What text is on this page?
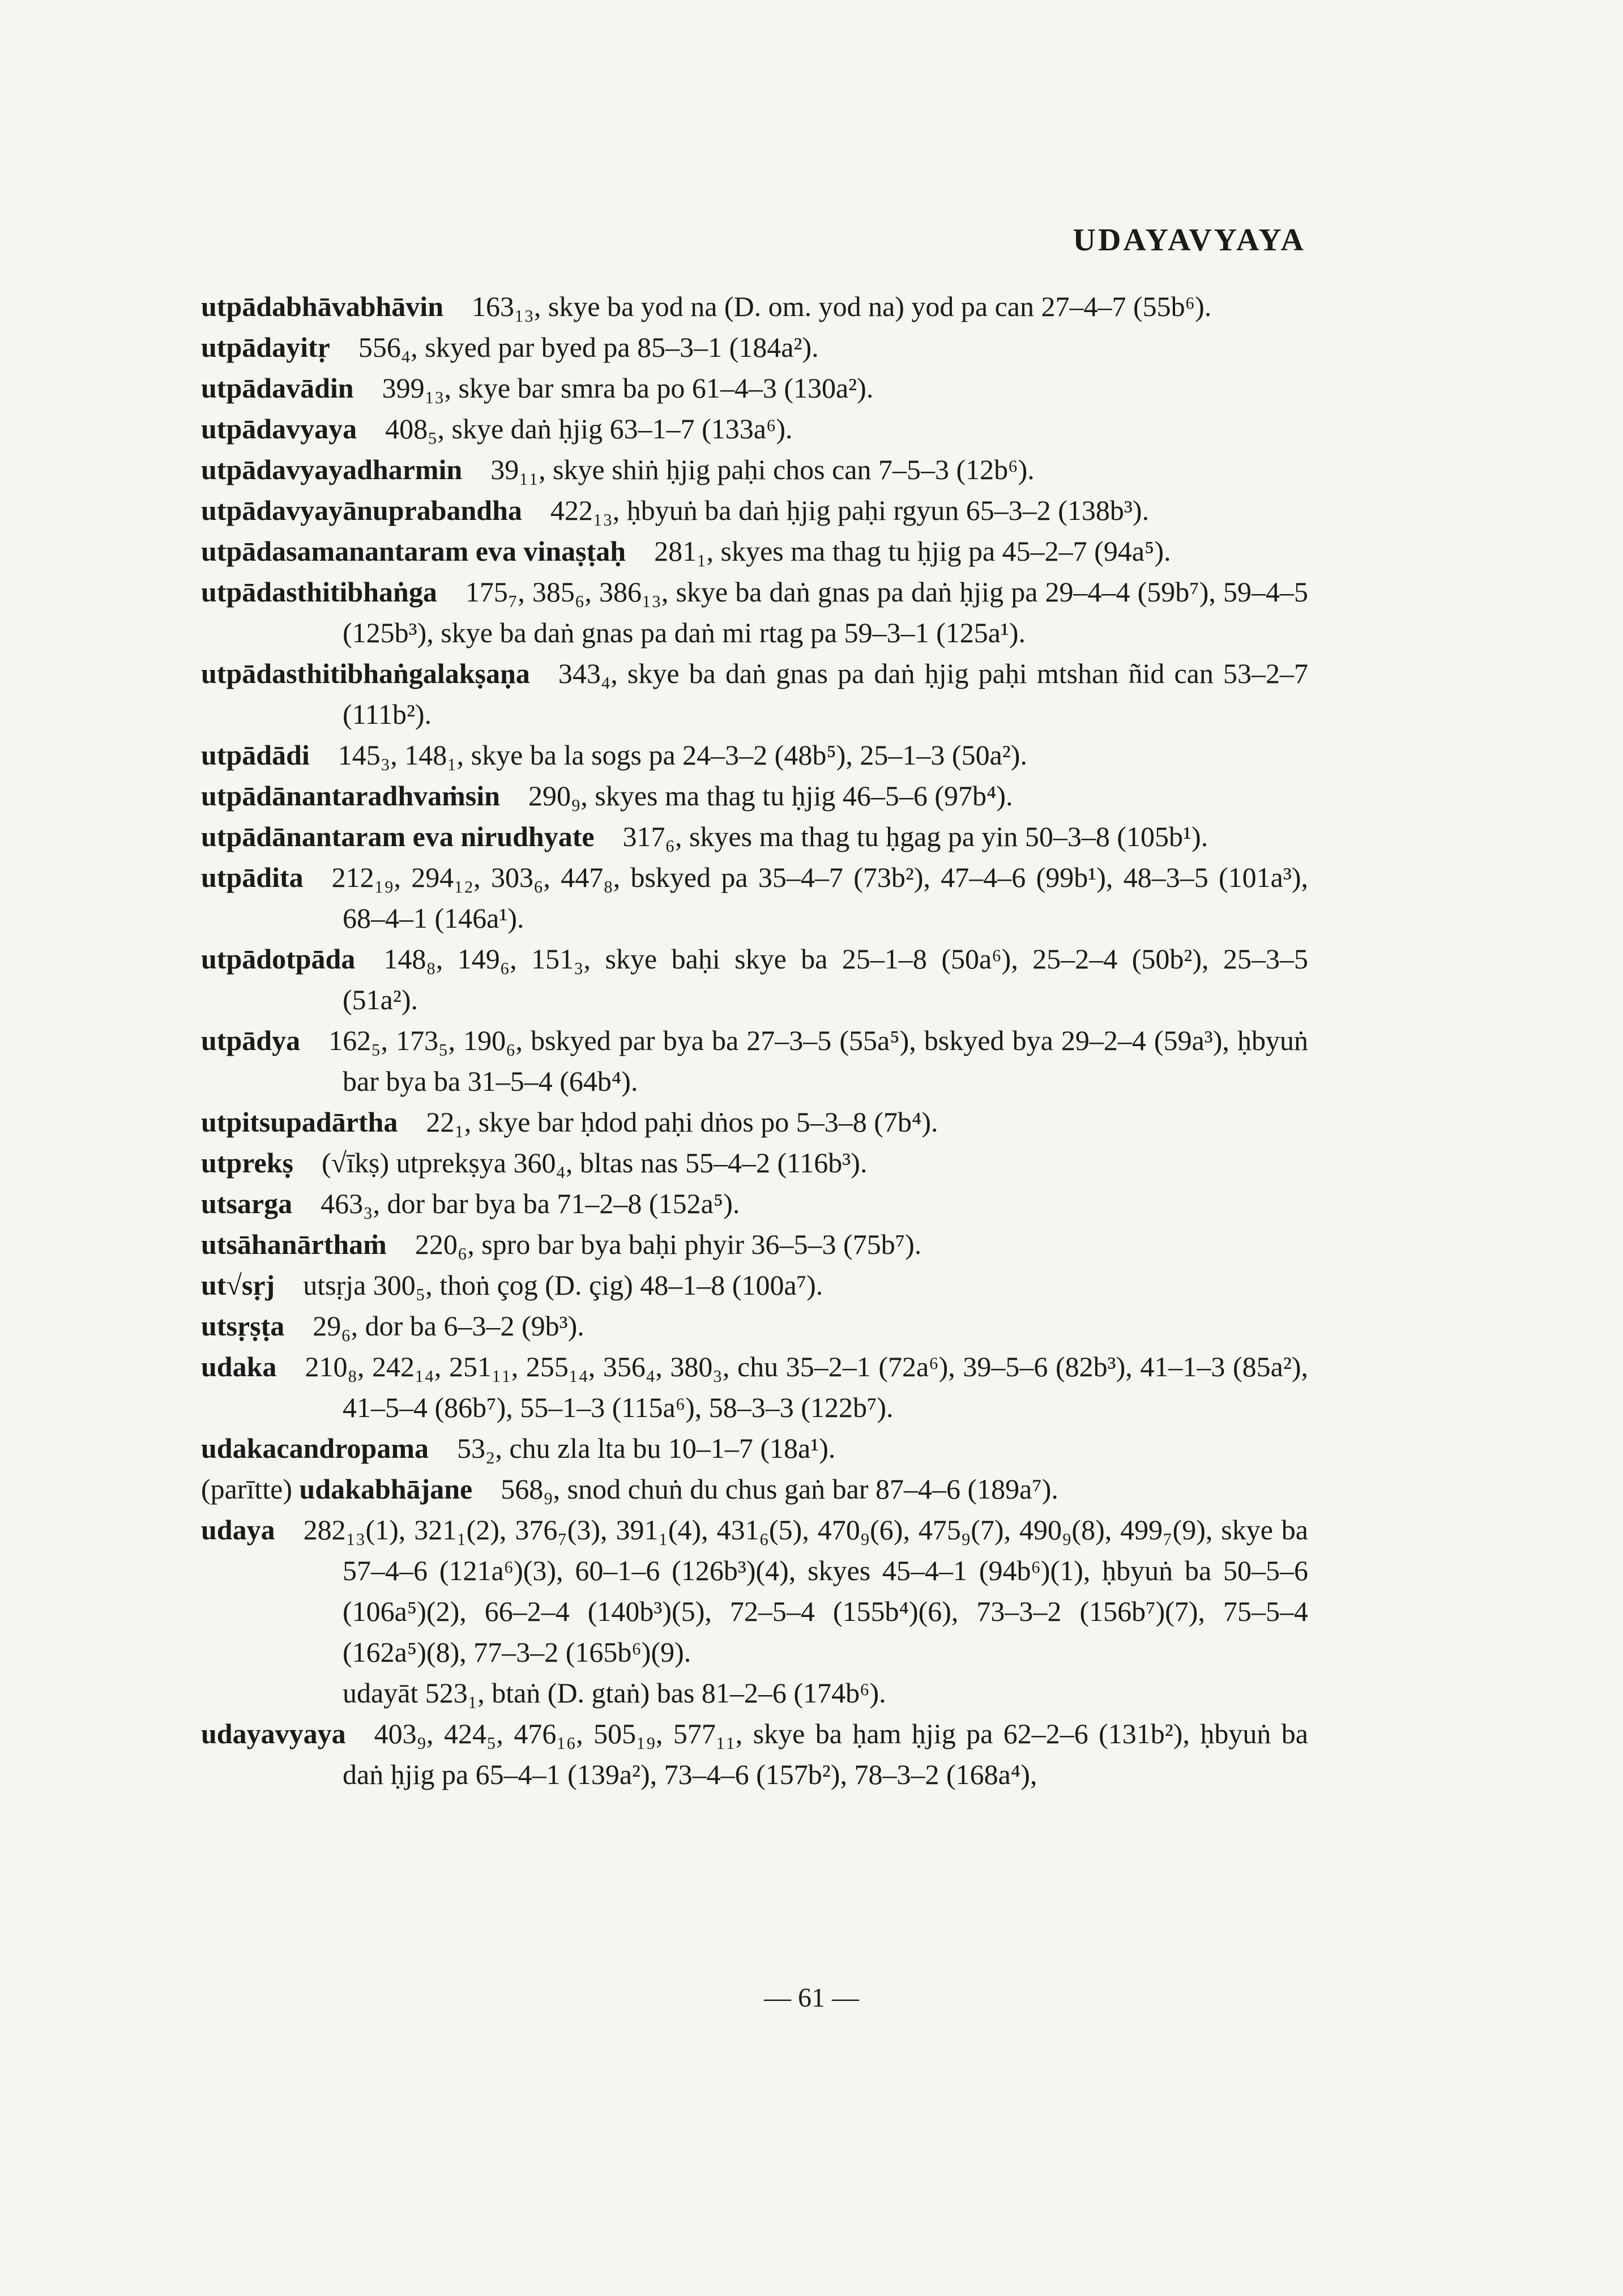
UDAYAVYAYA
utpādabhāvabhāvin  163₁₃, skye ba yod na (D. om. yod na) yod pa can 27–4–7 (55b⁶).
utpādayitṛ  556₄, skyed par byed pa 85–3–1 (184a²).
utpādavādin  399₁₃, skye bar smra ba po 61–4–3 (130a²).
utpādavyaya  408₅, skye daṅ ḥjig 63–1–7 (133a⁶).
utpādavyayadharmin  39₁₁, skye shiṅ ḥjig paḥi chos can 7–5–3 (12b⁶).
utpādavyayānuprabandha  422₁₃, ḥbyuṅ ba daṅ ḥjig paḥi rgyun 65–3–2 (138b³).
utpādasamanantaram eva vinaṣṭaḥ  281₁, skyes ma thag tu ḥjig pa 45–2–7 (94a⁵).
utpādasthitibhaṅga  175₇, 385₆, 386₁₃, skye ba daṅ gnas pa daṅ ḥjig pa 29–4–4 (59b⁷), 59–4–5 (125b³), skye ba daṅ gnas pa daṅ mi rtag pa 59–3–1 (125a¹).
utpādasthitibhaṅgalakṣaṇa  343₄, skye ba daṅ gnas pa daṅ ḥjig paḥi mtshan ñid can 53–2–7 (111b²).
utpādādi  145₃, 148₁, skye ba la sogs pa 24–3–2 (48b⁵), 25–1–3 (50a²).
utpādānantaradhvaṁsin  290₉, skyes ma thag tu ḥjig 46–5–6 (97b⁴).
utpādānantaram eva nirudhyate  317₆, skyes ma thag tu ḥgag pa yin 50–3–8 (105b¹).
utpādita  212₁₉, 294₁₂, 303₆, 447₈, bskyed pa 35–4–7 (73b²), 47–4–6 (99b¹), 48–3–5 (101a³), 68–4–1 (146a¹).
utpādotpāda  148₈, 149₆, 151₃, skye baḥi skye ba 25–1–8 (50a⁶), 25–2–4 (50b²), 25–3–5 (51a²).
utpādya  162₅, 173₅, 190₆, bskyed par bya ba 27–3–5 (55a⁵), bskyed bya 29–2–4 (59a³), ḥbyuṅ bar bya ba 31–5–4 (64b⁴).
utpitsupadārtha  22₁, skye bar ḥdod paḥi dṅos po 5–3–8 (7b⁴).
utprekṣ  (√īkṣ) utprekṣya 360₄, bltas nas 55–4–2 (116b³).
utsarga  463₃, dor bar bya ba 71–2–8 (152a⁵).
utsāhanārthaṁ  220₆, spro bar bya baḥi phyir 36–5–3 (75b⁷).
ut√sṛj  utsṛja 300₅, thoṅ çog (D. çig) 48–1–8 (100a⁷).
utsṛṣṭa  29₆, dor ba 6–3–2 (9b³).
udaka  210₈, 242₁₄, 251₁₁, 255₁₄, 356₄, 380₃, chu 35–2–1 (72a⁶), 39–5–6 (82b³), 41–1–3 (85a²), 41–5–4 (86b⁷), 55–1–3 (115a⁶), 58–3–3 (122b⁷).
udakacandropama  53₂, chu zla lta bu 10–1–7 (18a¹).
(parītte) udakabhājane  568₉, snod chuṅ du chus gaṅ bar 87–4–6 (189a⁷).
udaya  282₁₃(1), 321₁(2), 376₇(3), 391₁(4), 431₆(5), 470₉(6), 475₉(7), 490₉(8), 499₇(9), skye ba 57–4–6 (121a⁶)(3), 60–1–6 (126b³)(4), skyes 45–4–1 (94b⁶)(1), ḥbyuṅ ba 50–5–6 (106a⁵)(2), 66–2–4 (140b³)(5), 72–5–4 (155b⁴)(6), 73–3–2 (156b⁷)(7), 75–5–4 (162a⁵)(8), 77–3–2 (165b⁶)(9).
udayāt 523₁, btaṅ (D. gtaṅ) bas 81–2–6 (174b⁶).
udayavyaya  403₉, 424₅, 476₁₆, 505₁₉, 577₁₁, skye ba ḥam ḥjig pa 62–2–6 (131b²), ḥbyuṅ ba daṅ ḥjig pa 65–4–1 (139a²), 73–4–6 (157b²), 78–3–2 (168a⁴),
— 61 —
